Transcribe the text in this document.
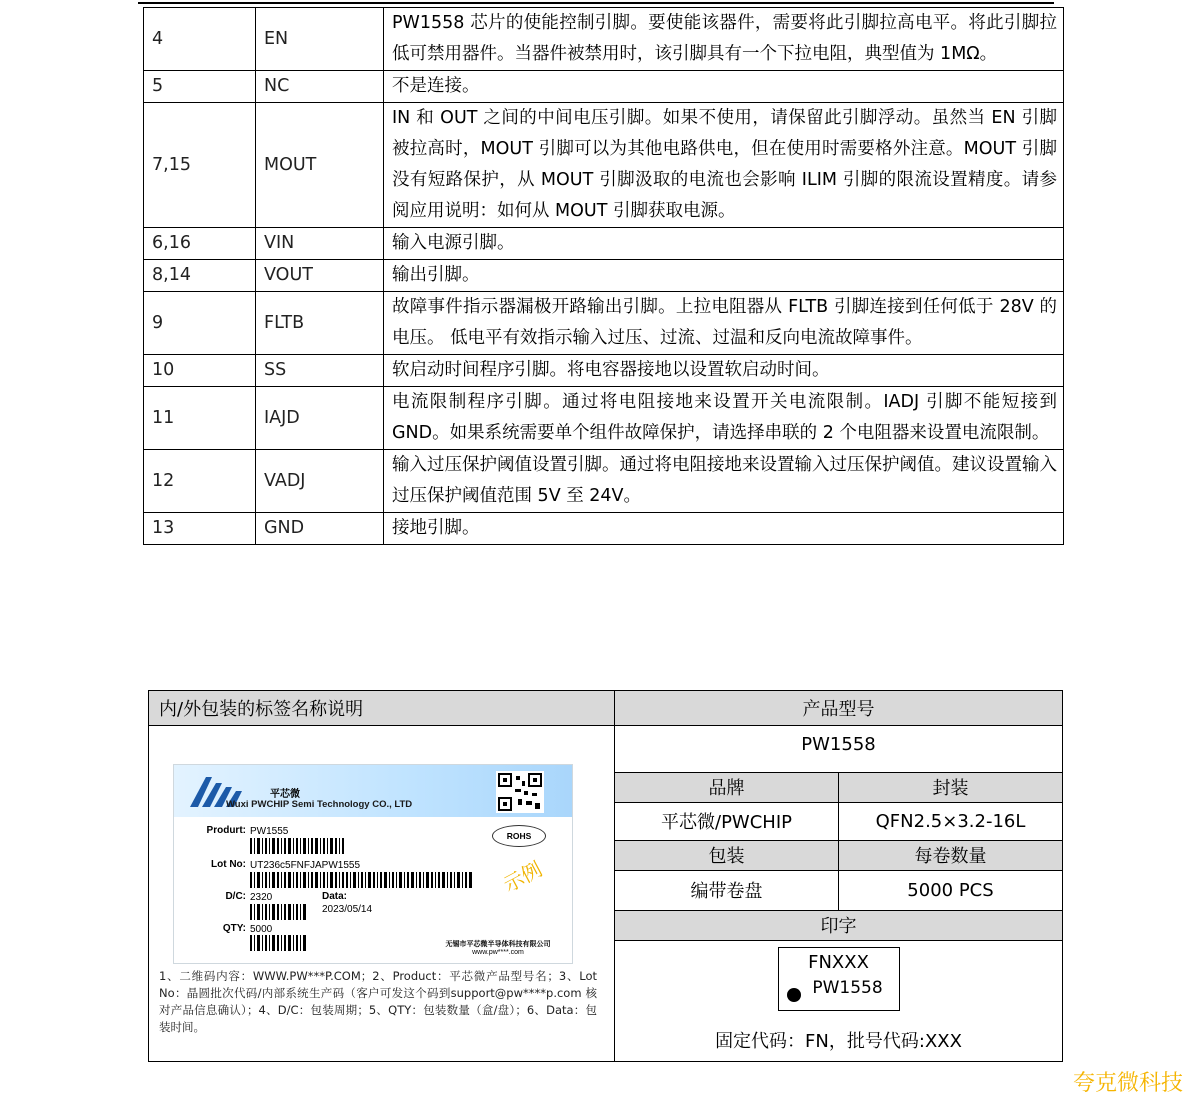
4	EN	PW1558 芯片的使能控制引脚。要使能该器件，需要将此引脚拉高电平。将此引脚拉低可禁用器件。当器件被禁用时，该引脚具有一个下拉电阻，典型值为 1MΩ。
5	NC	不是连接。
7,15	MOUT	IN 和 OUT 之间的中间电压引脚。如果不使用，请保留此引脚浮动。虽然当 EN 引脚被拉高时，MOUT 引脚可以为其他电路供电，但在使用时需要格外注意。MOUT 引脚没有短路保护，从 MOUT 引脚汲取的电流也会影响 ILIM 引脚的限流设置精度。请参阅应用说明：如何从 MOUT 引脚获取电源。
6,16	VIN	输入电源引脚。
8,14	VOUT	输出引脚。
9	FLTB	故障事件指示器漏极开路输出引脚。上拉电阻器从 FLTB 引脚连接到任何低于 28V 的电压。 低电平有效指示输入过压、过流、过温和反向电流故障事件。
10	SS	软启动时间程序引脚。将电容器接地以设置软启动时间。
11	IAJD	电流限制程序引脚。通过将电阻接地来设置开关电流限制。IADJ 引脚不能短接到 GND。如果系统需要单个组件故障保护，请选择串联的 2 个电阻器来设置电流限制。
12	VADJ	输入过压保护阈值设置引脚。通过将电阻接地来设置输入过压保护阈值。建议设置输入过压保护阈值范围 5V 至 24V。
13	GND	接地引脚。
内/外包装的标签名称说明	产品型号

平芯微
Wuxi PWCHIP Semi Technology CO., LTD
Produrt: PW1555
Lot No: UT236c5FNFJAPW1555
D/C: 2320	Data:
2023/05/14
QTY: 5000
ROHS
示例
无锡市平芯微半导体科技有限公司
www.pw****.com
1、二维码内容：WWW.PW***P.COM；2、Product：平芯微产品型号名；3、Lot No：晶圆批次代码/内部系统生产码（客户可发这个码到support@pw****p.com 核对产品信息确认）；4、D/C：包装周期；5、QTY：包装数量（盒/盘）；6、Data：包装时间。

PW1558
品牌	封装
平芯微/PWCHIP	QFN2.5×3.2-16L
包装	每卷数量
编带卷盘	5000 PCS
印字

FNXXX
PW1558
固定代码：FN，批号代码:XXX
夸克微科技
